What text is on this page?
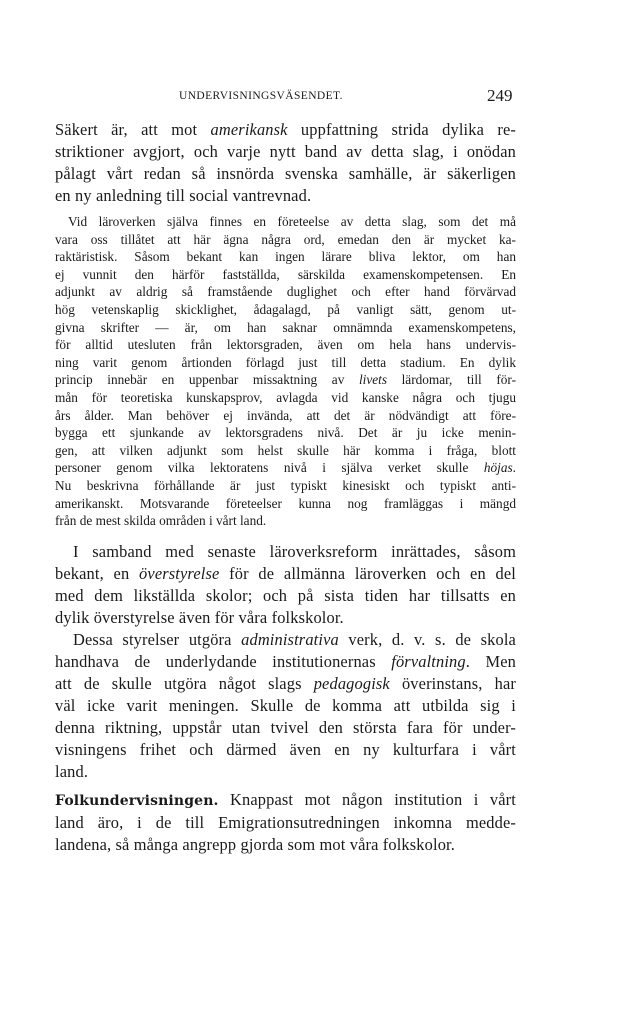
UNDERVISNINGSVÄSENDET.	249
Säkert är, att mot amerikansk uppfattning strida dylika re-
striktioner avgjort, och varje nytt band av detta slag, i onödan
pålagt vårt redan så insnörda svenska samhälle, är säkerligen
en ny anledning till social vantrevnad.
Vid läroverken själva finnes en företeelse av detta slag, som det må
vara oss tillåtet att här ägna några ord, emedan den är mycket ka-
raktäristisk. Såsom bekant kan ingen lärare bliva lektor, om han
ej vunnit den härför fastställda, särskilda examenskompetensen. En
adjunkt av aldrig så framstående duglighet och efter hand förvärvad
hög vetenskaplig skicklighet, ådagalagd, på vanligt sätt, genom ut-
givna skrifter — är, om han saknar omnämnda examenskompetens,
för alltid utesluten från lektorsgraden, även om hela hans undervis-
ning varit genom årtionden förlagd just till detta stadium. En dylik
princip innebär en uppenbar missaktning av livets lärdomar, till för-
mån för teoretiska kunskapsprov, avlagda vid kanske några och tjugu
års ålder. Man behöver ej invända, att det är nödvändigt att före-
bygga ett sjunkande av lektorsgradens nivå. Det är ju icke menin-
gen, att vilken adjunkt som helst skulle här komma i fråga, blott
personer genom vilka lektoratens nivå i själva verket skulle höjas.
Nu beskrivna förhållande är just typiskt kinesiskt och typiskt anti-
amerikanskt. Motsvarande företeelser kunna nog framläggas i mängd
från de mest skilda områden i vårt land.
I samband med senaste läroverksreform inrättades, såsom
bekant, en överstyrelse för de allmänna läroverken och en del
med dem likställda skolor; och på sista tiden har tillsatts en
dylik överstyrelse även för våra folkskolor.
Dessa styrelser utgöra administrativa verk, d. v. s. de skola
handhava de underlydande institutionernas förvaltning. Men
att de skulle utgöra något slags pedagogisk överinstans, har
väl icke varit meningen. Skulle de komma att utbilda sig i
denna riktning, uppstår utan tvivel den största fara för under-
visningens frihet och därmed även en ny kulturfara i vårt
land.
Folkundervisningen. Knappast mot någon institution i vårt
land äro, i de till Emigrationsutredningen inkomna medde-
landena, så många angrepp gjorda som mot våra folkskolor.
